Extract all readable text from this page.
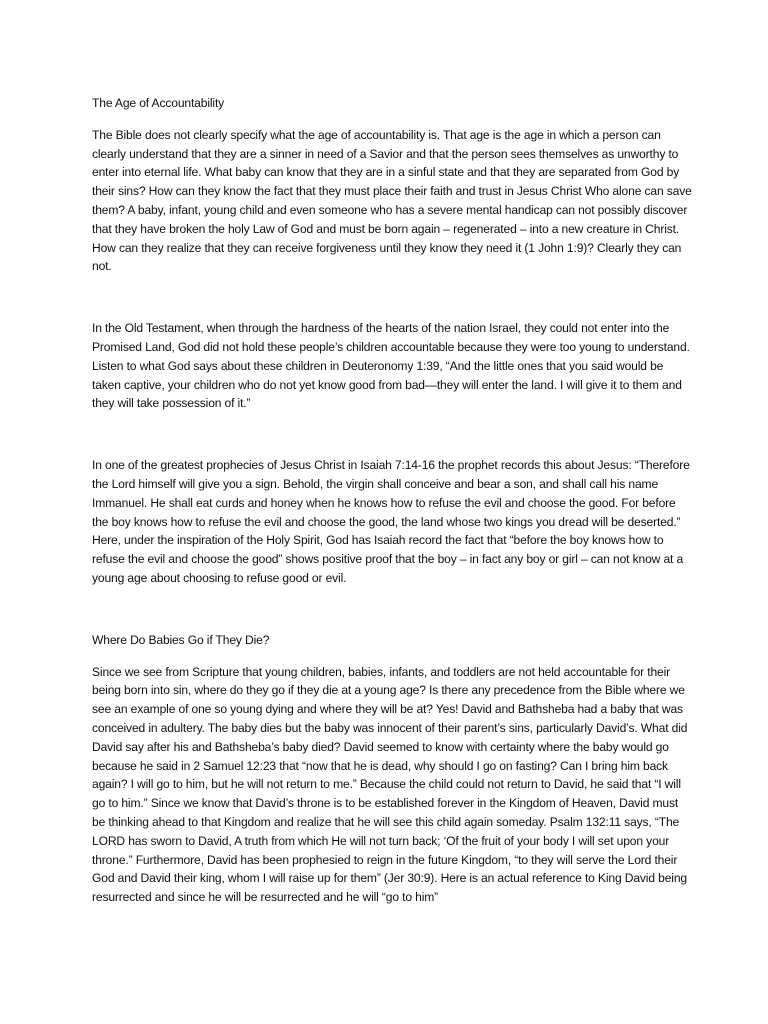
The Age of Accountability

The Bible does not clearly specify what the age of accountability is. That age is the age in which a person can clearly understand that they are a sinner in need of a Savior and that the person sees themselves as unworthy to enter into eternal life. What baby can know that they are in a sinful state and that they are separated from God by their sins? How can they know the fact that they must place their faith and trust in Jesus Christ Who alone can save them? A baby, infant, young child and even someone who has a severe mental handicap can not possibly discover that they have broken the holy Law of God and must be born again – regenerated – into a new creature in Christ. How can they realize that they can receive forgiveness until they know they need it (1 John 1:9)? Clearly they can not.

In the Old Testament, when through the hardness of the hearts of the nation Israel, they could not enter into the Promised Land, God did not hold these people’s children accountable because they were too young to understand. Listen to what God says about these children in Deuteronomy 1:39, “And the little ones that you said would be taken captive, your children who do not yet know good from bad—they will enter the land. I will give it to them and they will take possession of it.”

In one of the greatest prophecies of Jesus Christ in Isaiah 7:14-16 the prophet records this about Jesus: “Therefore the Lord himself will give you a sign. Behold, the virgin shall conceive and bear a son, and shall call his name Immanuel. He shall eat curds and honey when he knows how to refuse the evil and choose the good. For before the boy knows how to refuse the evil and choose the good, the land whose two kings you dread will be deserted.” Here, under the inspiration of the Holy Spirit, God has Isaiah record the fact that “before the boy knows how to refuse the evil and choose the good” shows positive proof that the boy – in fact any boy or girl – can not know at a young age about choosing to refuse good or evil.

Where Do Babies Go if They Die?

Since we see from Scripture that young children, babies, infants, and toddlers are not held accountable for their being born into sin, where do they go if they die at a young age? Is there any precedence from the Bible where we see an example of one so young dying and where they will be at? Yes! David and Bathsheba had a baby that was conceived in adultery. The baby dies but the baby was innocent of their parent’s sins, particularly David’s. What did David say after his and Bathsheba’s baby died? David seemed to know with certainty where the baby would go because he said in 2 Samuel 12:23 that “now that he is dead, why should I go on fasting? Can I bring him back again? I will go to him, but he will not return to me.” Because the child could not return to David, he said that “I will go to him.” Since we know that David’s throne is to be established forever in the Kingdom of Heaven, David must be thinking ahead to that Kingdom and realize that he will see this child again someday. Psalm 132:11 says, “The LORD has sworn to David, A truth from which He will not turn back; ‘Of the fruit of your body I will set upon your throne.” Furthermore, David has been prophesied to reign in the future Kingdom, “to they will serve the Lord their God and David their king, whom I will raise up for them” (Jer 30:9). Here is an actual reference to King David being resurrected and since he will be resurrected and he will “go to him”
